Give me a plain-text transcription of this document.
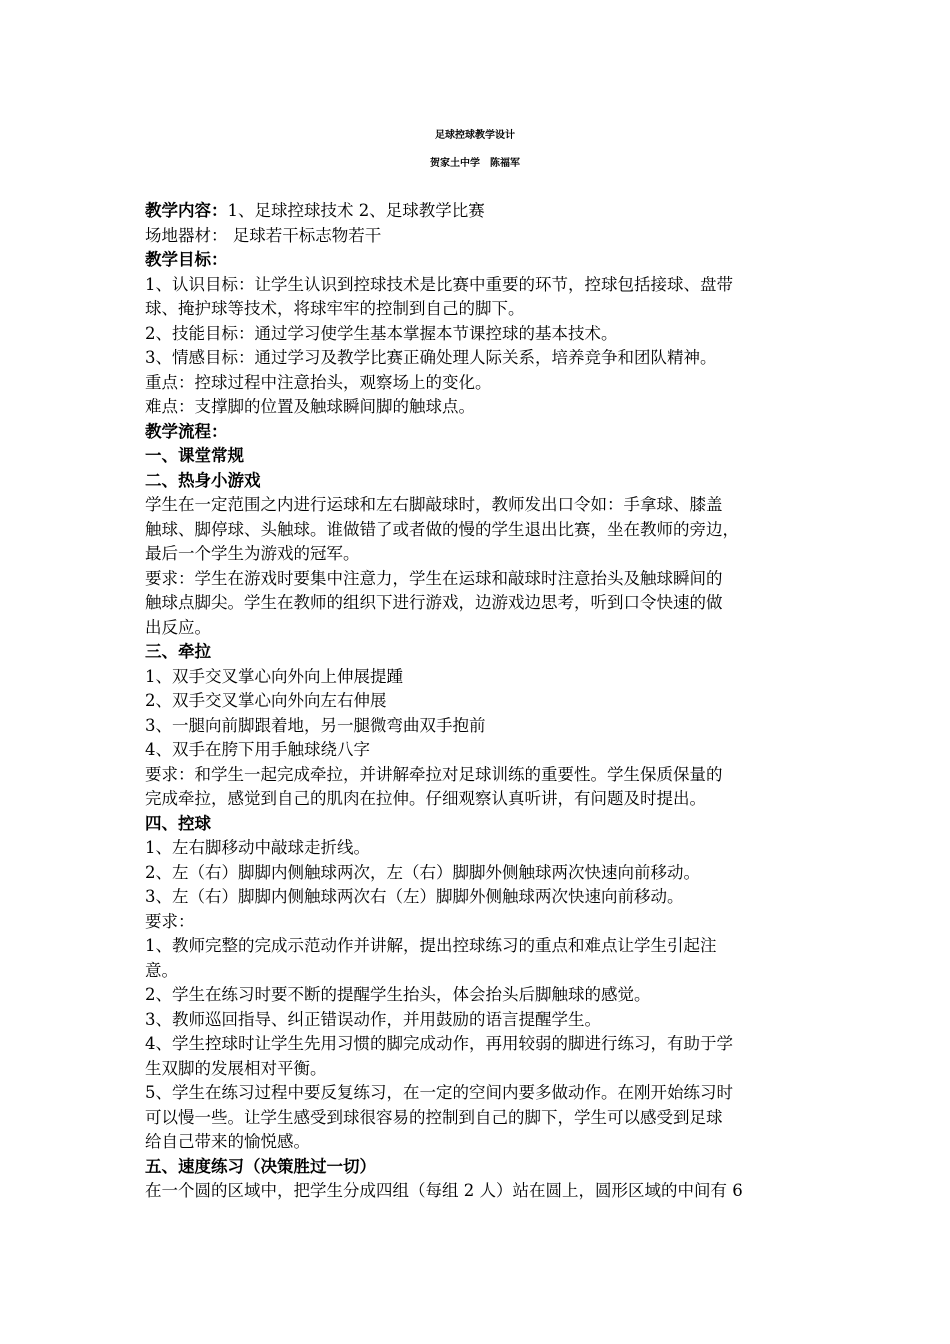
足球控球教学设计
贺家土中学　陈福军
教学内容：1、足球控球技术 2、足球教学比赛
场地器材： 足球若干标志物若干
教学目标：
1、认识目标：让学生认识到控球技术是比赛中重要的环节，控球包括接球、盘带
球、掩护球等技术，将球牢牢的控制到自己的脚下。
2、技能目标：通过学习使学生基本掌握本节课控球的基本技术。
3、情感目标：通过学习及教学比赛正确处理人际关系，培养竞争和团队精神。
重点：控球过程中注意抬头，观察场上的变化。
难点：支撑脚的位置及触球瞬间脚的触球点。
教学流程：
一、课堂常规
二、热身小游戏
学生在一定范围之内进行运球和左右脚敲球时，教师发出口令如：手拿球、膝盖
触球、脚停球、头触球。谁做错了或者做的慢的学生退出比赛，坐在教师的旁边，
最后一个学生为游戏的冠军。
要求：学生在游戏时要集中注意力，学生在运球和敲球时注意抬头及触球瞬间的
触球点脚尖。学生在教师的组织下进行游戏，边游戏边思考，听到口令快速的做
出反应。
三、牵拉
1、双手交叉掌心向外向上伸展提踵
2、双手交叉掌心向外向左右伸展
3、一腿向前脚跟着地，另一腿微弯曲双手抱前
4、双手在胯下用手触球绕八字
要求：和学生一起完成牵拉，并讲解牵拉对足球训练的重要性。学生保质保量的
完成牵拉，感觉到自己的肌肉在拉伸。仔细观察认真听讲，有问题及时提出。
四、控球
1、左右脚移动中敲球走折线。
2、左（右）脚脚内侧触球两次，左（右）脚脚外侧触球两次快速向前移动。
3、左（右）脚脚内侧触球两次右（左）脚脚外侧触球两次快速向前移动。
要求：
1、教师完整的完成示范动作并讲解，提出控球练习的重点和难点让学生引起注
意。
2、学生在练习时要不断的提醒学生抬头，体会抬头后脚触球的感觉。
3、教师巡回指导、纠正错误动作，并用鼓励的语言提醒学生。
4、学生控球时让学生先用习惯的脚完成动作，再用较弱的脚进行练习，有助于学
生双脚的发展相对平衡。
5、学生在练习过程中要反复练习，在一定的空间内要多做动作。在刚开始练习时
可以慢一些。让学生感受到球很容易的控制到自己的脚下，学生可以感受到足球
给自己带来的愉悦感。
五、速度练习（决策胜过一切）
在一个圆的区域中，把学生分成四组（每组 2 人）站在圆上，圆形区域的中间有 6
